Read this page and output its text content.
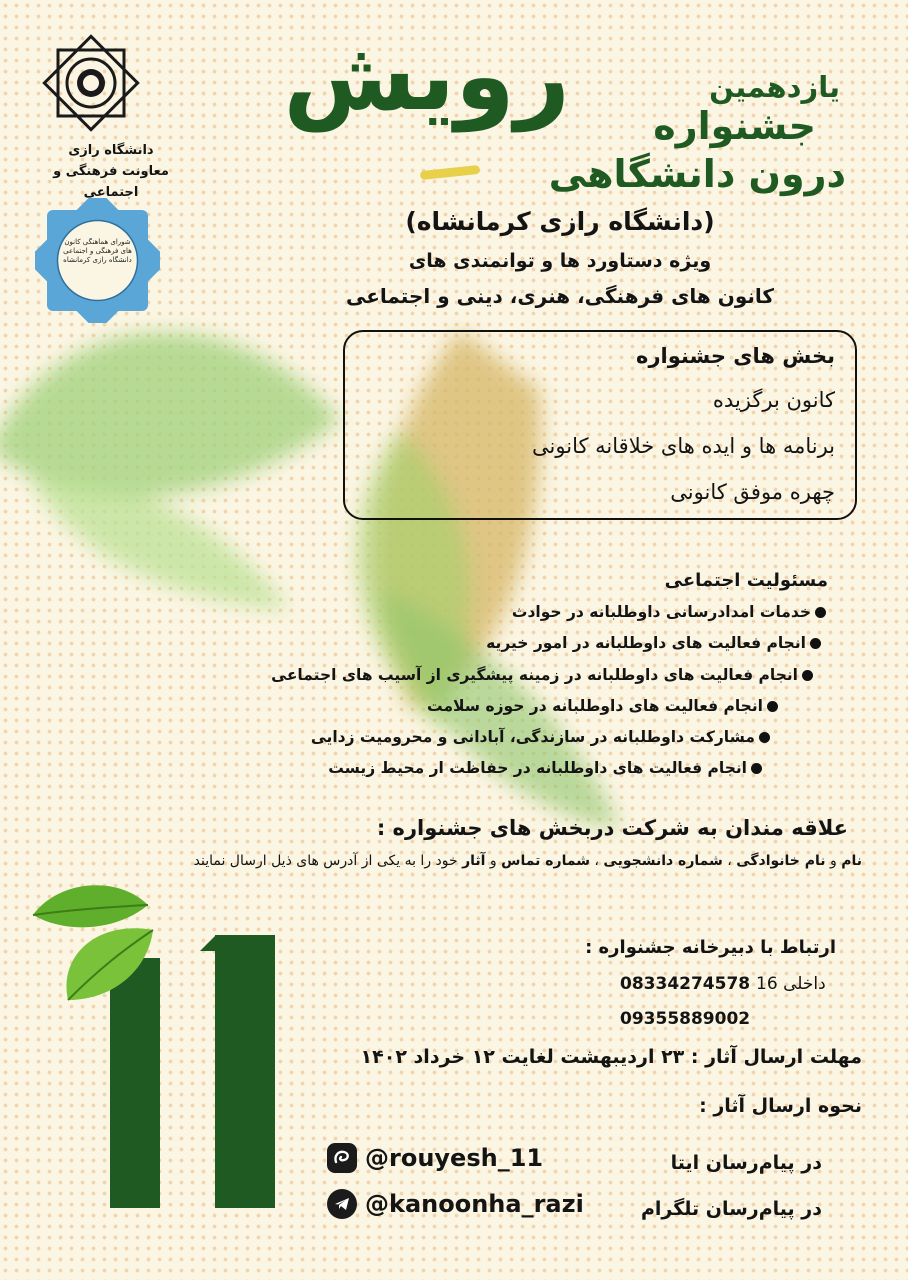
دانشگاه رازی
معاونت فرهنگی و اجتماعی
شورای هماهنگی کانون های فرهنگی و اجتماعی دانشگاه رازی کرمانشاه
یازدهمین
جشنواره
رویش
درون دانشگاهی
(دانشگاه رازی کرمانشاه)
ویژه دستاورد ها و توانمندی های
کانون های فرهنگی، هنری، دینی و اجتماعی
بخش های جشنواره
کانون برگزیده
برنامه ها و ایده های خلاقانه کانونی
چهره موفق کانونی
مسئولیت اجتماعی
خدمات امدادرسانی داوطلبانه در حوادث
انجام فعالیت های داوطلبانه در امور خیریه
انجام فعالیت های داوطلبانه در زمینه پیشگیری از آسیب های اجتماعی
انجام فعالیت های داوطلبانه در حوزه سلامت
مشارکت داوطلبانه در سازندگی، آبادانی و محرومیت زدایی
انجام فعالیت های داوطلبانه در حفاظت ار محیط زیست
علاقه مندان به شرکت دربخش های جشنواره :
نام و نام خانوادگی ، شماره دانشجویی ، شماره تماس و آثار خود را به یکی از آدرس های ذیل ارسال نمایند
ارتباط با دبیرخانه جشنواره :
08334274578 داخلی 16
09355889002
مهلت ارسال آثار : ۲۳ اردیبهشت لغایت ۱۲ خرداد ۱۴۰۲
نحوه ارسال آثار :
در پیام‌رسان ایتا
@rouyesh_11
در پیام‌رسان تلگرام
@kanoonha_razi
